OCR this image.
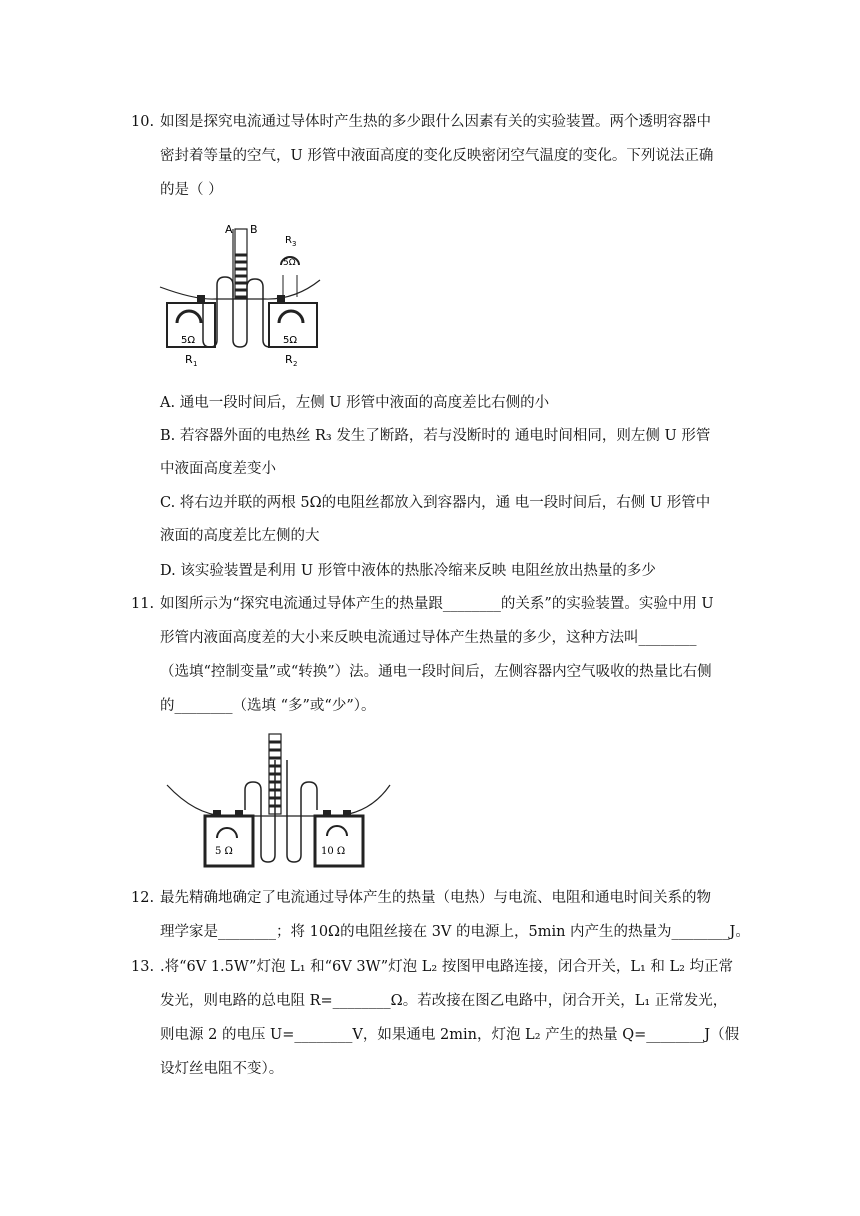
10. 如图是探究电流通过导体时产生热的多少跟什么因素有关的实验装置。两个透明容器中
密封着等量的空气，U 形管中液面高度的变化反映密闭空气温度的变化。下列说法正确
的是（ ）
A B
R 3
5Ω
5Ω	5Ω
R 1	R 2
A. 通电一段时间后，左侧 U 形管中液面的高度差比右侧的小
B. 若容器外面的电热丝 R₃ 发生了断路，若与没断时的 通电时间相同，则左侧 U 形管
中液面高度差变小
C. 将右边并联的两根 5Ω的电阻丝都放入到容器内，通 电一段时间后，右侧 U 形管中
液面的高度差比左侧的大
D. 该实验装置是利用 U 形管中液体的热胀冷缩来反映 电阻丝放出热量的多少
11. 如图所示为“探究电流通过导体产生的热量跟________的关系”的实验装置。实验中用 U
形管内液面高度差的大小来反映电流通过导体产生热量的多少，这种方法叫________
（选填“控制变量”或“转换”）法。通电一段时间后，左侧容器内空气吸收的热量比右侧
的________（选填 “多”或“少”）。
5 Ω	10 Ω
12. 最先精确地确定了电流通过导体产生的热量（电热）与电流、电阻和通电时间关系的物
理学家是________；将 10Ω的电阻丝接在 3V 的电源上，5min 内产生的热量为________J。
13. .将“6V 1.5W”灯泡 L₁ 和“6V 3W”灯泡 L₂ 按图甲电路连接，闭合开关，L₁ 和 L₂ 均正常
发光，则电路的总电阻 R=________Ω。若改接在图乙电路中，闭合开关，L₁ 正常发光，
则电源 2 的电压 U=________V，如果通电 2min，灯泡 L₂ 产生的热量 Q=________J（假
设灯丝电阻不变）。
